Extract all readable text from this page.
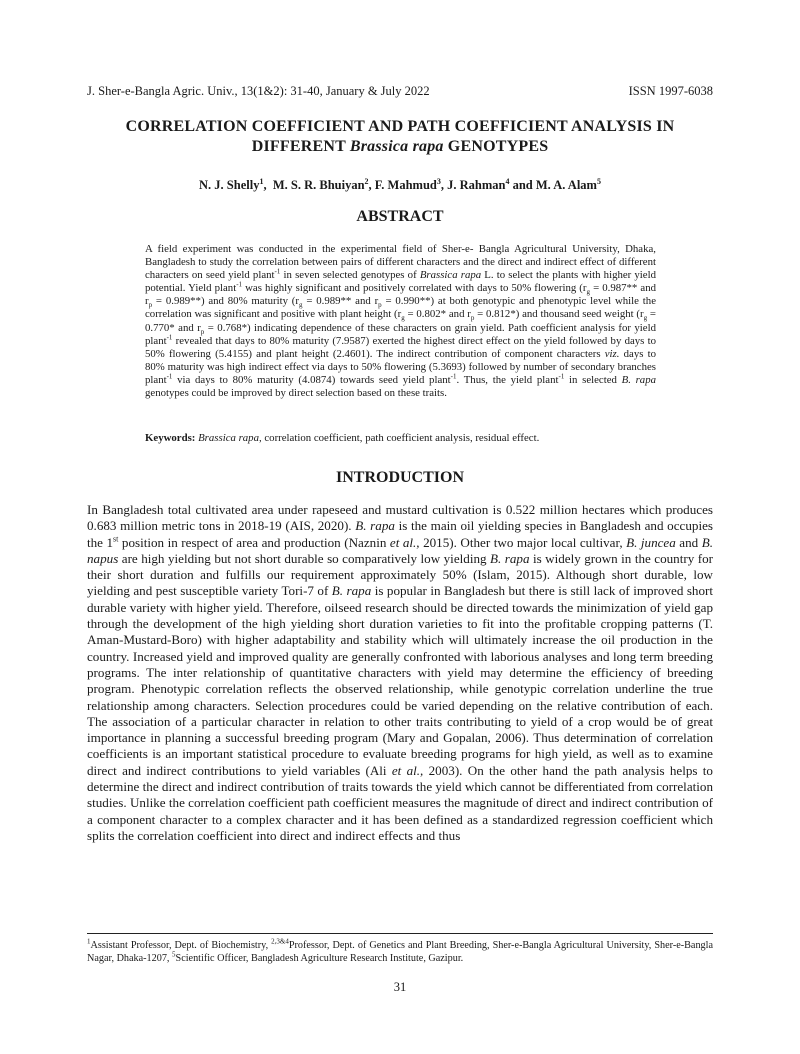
J. Sher-e-Bangla Agric. Univ., 13(1&2): 31-40, January & July 2022	ISSN 1997-6038
CORRELATION COEFFICIENT AND PATH COEFFICIENT ANALYSIS IN
DIFFERENT Brassica rapa GENOTYPES
N. J. Shelly$^1$,  M. S. R. Bhuiyan$^2$, F. Mahmud$^3$, J. Rahman$^4$ and M. A. Alam$^5$
ABSTRACT
A field experiment was conducted in the experimental field of Sher-e- Bangla Agricultural University, Dhaka, Bangladesh to study the correlation between pairs of different characters and the direct and indirect effect of different characters on seed yield plant$^{-1}$ in seven selected genotypes of Brassica rapa L. to select the plants with higher yield potential. Yield plant$^{-1}$ was highly significant and positively correlated with days to 50% flowering ($r_g = 0.987**$ and $r_p = 0.989**$) and 80% maturity ($r_g = 0.989**$ and $r_p = 0.990**$) at both genotypic and phenotypic level while the correlation was significant and positive with plant height ($r_g = 0.802*$ and $r_p = 0.812*$) and thousand seed weight ($r_g = 0.770*$ and $r_p = 0.768*$) indicating dependence of these characters on grain yield. Path coefficient analysis for yield plant$^{-1}$ revealed that days to 80% maturity (7.9587) exerted the highest direct effect on the yield followed by days to 50% flowering (5.4155) and plant height (2.4601). The indirect contribution of component characters viz. days to 80% maturity was high indirect effect via days to 50% flowering (5.3693) followed by number of secondary branches plant$^{-1}$ via days to 80% maturity (4.0874) towards seed yield plant$^{-1}$. Thus, the yield plant$^{-1}$ in selected B. rapa genotypes could be improved by direct selection based on these traits.
Keywords: Brassica rapa, correlation coefficient, path coefficient analysis, residual effect.
INTRODUCTION

In Bangladesh total cultivated area under rapeseed and mustard cultivation is 0.522 million hectares which produces 0.683 million metric tons in 2018-19 (AIS, 2020). B. rapa is the main oil yielding species in Bangladesh and occupies the 1st position in respect of area and production (Naznin et al., 2015). Other two major local cultivar, B. juncea and B. napus are high yielding but not short durable so comparatively low yielding B. rapa is widely grown in the country for their short duration and fulfills our requirement approximately 50% (Islam, 2015). Although short durable, low yielding and pest susceptible variety Tori-7 of B. rapa is popular in Bangladesh but there is still lack of improved short durable variety with higher yield. Therefore, oilseed research should be directed towards the minimization of yield gap through the development of the high yielding short duration varieties to fit into the profitable cropping patterns (T. Aman-Mustard-Boro) with higher adaptability and stability which will ultimately increase the oil production in the country. Increased yield and improved quality are generally confronted with laborious analyses and long term breeding programs. The inter relationship of quantitative characters with yield may determine the efficiency of breeding program. Phenotypic correlation reflects the observed relationship, while genotypic correlation underline the true relationship among characters. Selection procedures could be varied depending on the relative contribution of each. The association of a particular character in relation to other traits contributing to yield of a crop would be of great importance in planning a successful breeding program (Mary and Gopalan, 2006). Thus determination of correlation coefficients is an important statistical procedure to evaluate breeding programs for high yield, as well as to examine direct and indirect contributions to yield variables (Ali et al., 2003). On the other hand the path analysis helps to determine the direct and indirect contribution of traits towards the yield which cannot be differentiated from correlation studies. Unlike the correlation coefficient path coefficient measures the magnitude of direct and indirect contribution of a component character to a complex character and it has been defined as a standardized regression coefficient which splits the correlation coefficient into direct and indirect effects and thus

$^1$Assistant Professor, Dept. of Biochemistry, $^{2,3\&4}$Professor, Dept. of Genetics and Plant Breeding, Sher-e-Bangla Agricultural University, Sher-e-Bangla Nagar, Dhaka-1207, $^5$Scientific Officer, Bangladesh Agriculture Research Institute, Gazipur.
31
